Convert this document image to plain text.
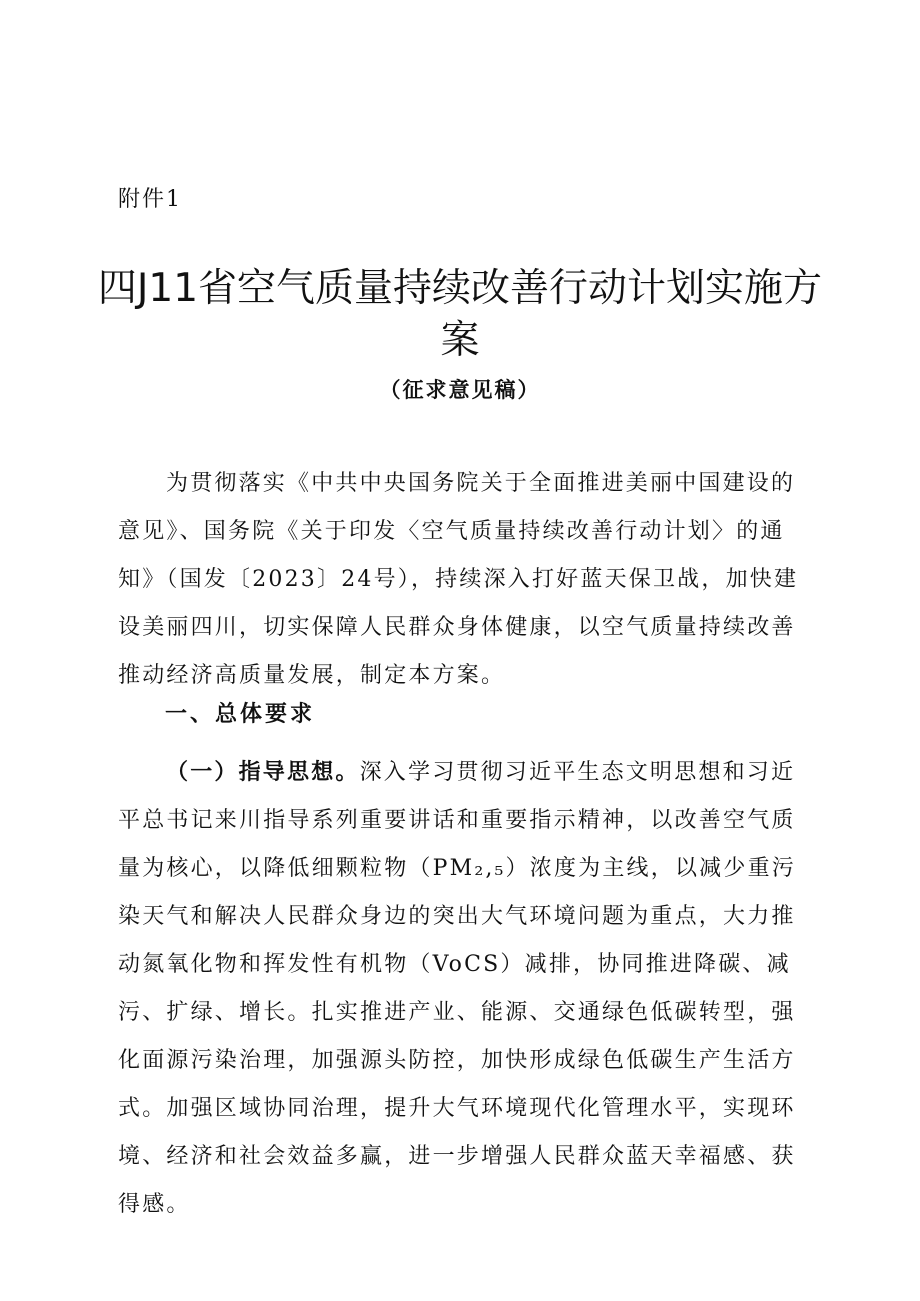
附件1
四J11省空气质量持续改善行动计划实施方
案
（征求意见稿）
为贯彻落实《中共中央国务院关于全面推进美丽中国建设的意见》、国务院《关于印发〈空气质量持续改善行动计划〉的通知》（国发〔2023〕24号），持续深入打好蓝天保卫战，加快建设美丽四川，切实保障人民群众身体健康，以空气质量持续改善推动经济高质量发展，制定本方案。
一、总体要求
（一）指导思想。深入学习贯彻习近平生态文明思想和习近平总书记来川指导系列重要讲话和重要指示精神，以改善空气质量为核心，以降低细颗粒物（PM₂,₅）浓度为主线，以减少重污染天气和解决人民群众身边的突出大气环境问题为重点，大力推动氮氧化物和挥发性有机物（VoCS）减排，协同推进降碳、减污、扩绿、增长。扎实推进产业、能源、交通绿色低碳转型，强化面源污染治理，加强源头防控，加快形成绿色低碳生产生活方式。加强区域协同治理，提升大气环境现代化管理水平，实现环境、经济和社会效益多赢，进一步增强人民群众蓝天幸福感、获得感。
